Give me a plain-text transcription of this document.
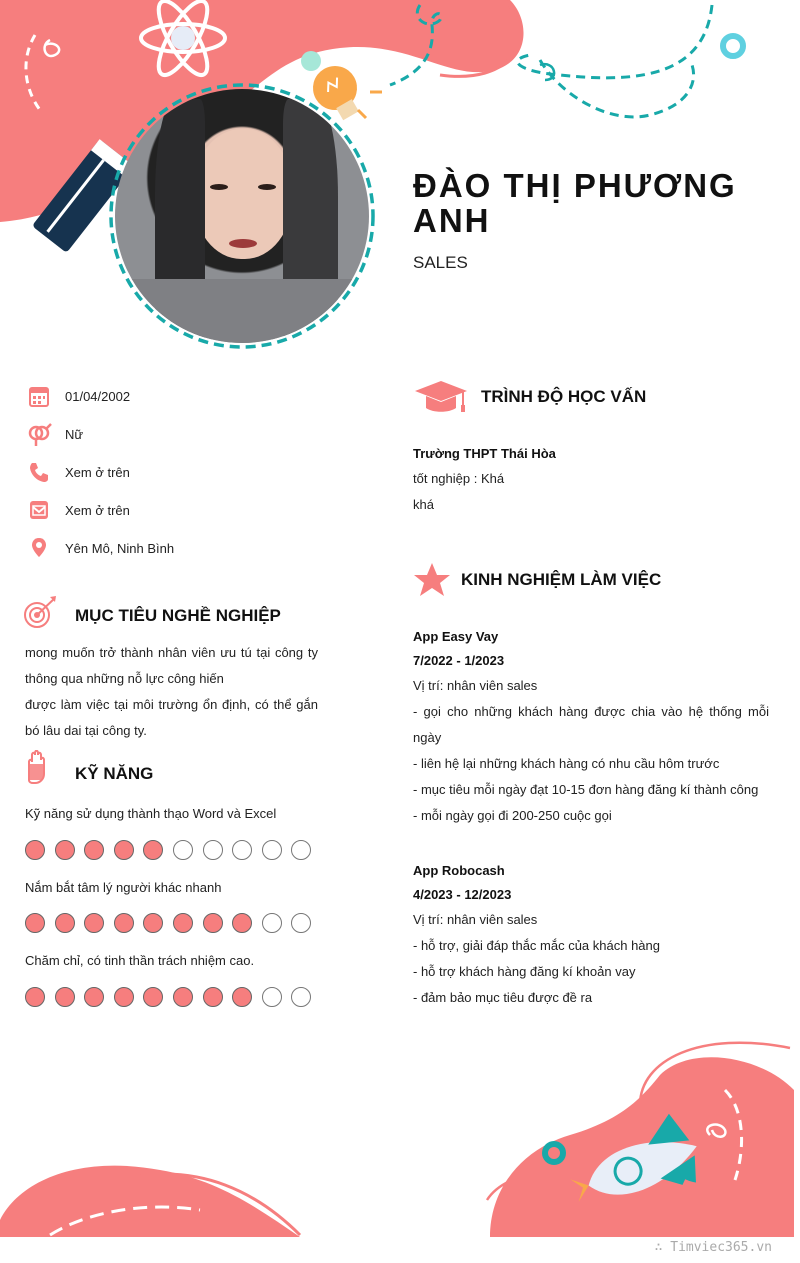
ĐÀO THỊ PHƯƠNG ANH
SALES
01/04/2002
Nữ
Xem ở trên
Xem ở trên
Yên Mô, Ninh Bình
MỤC TIÊU NGHỀ NGHIỆP
mong muốn trở thành nhân viên ưu tú tại công ty thông qua những nỗ lực công hiến
được làm việc tại môi trường ổn định, có thể gắn bó lâu dai tại công ty.
KỸ NĂNG
Kỹ năng sử dụng thành thạo Word và Excel
Nắm bắt tâm lý người khác nhanh
Chăm chỉ, có tinh thần trách nhiệm cao.
TRÌNH ĐỘ HỌC VẤN
Trường THPT Thái Hòa
tốt nghiệp : Khá
khá
KINH NGHIỆM LÀM VIỆC
App Easy Vay
7/2022 - 1/2023
Vị trí: nhân viên sales
- gọi cho những khách hàng được chia vào hệ thống mỗi ngày
- liên hệ lại những khách hàng có nhu cầu hôm trước
- mục tiêu mỗi ngày đạt 10-15 đơn hàng đăng kí thành công
- mỗi ngày gọi đi 200-250 cuộc gọi
App Robocash
4/2023 - 12/2023
Vị trí: nhân viên sales
- hỗ trợ, giải đáp thắc mắc của khách hàng
- hỗ trợ khách hàng đăng kí khoản vay
- đảm bảo mục tiêu được đề ra
∴ Timviec365.vn
